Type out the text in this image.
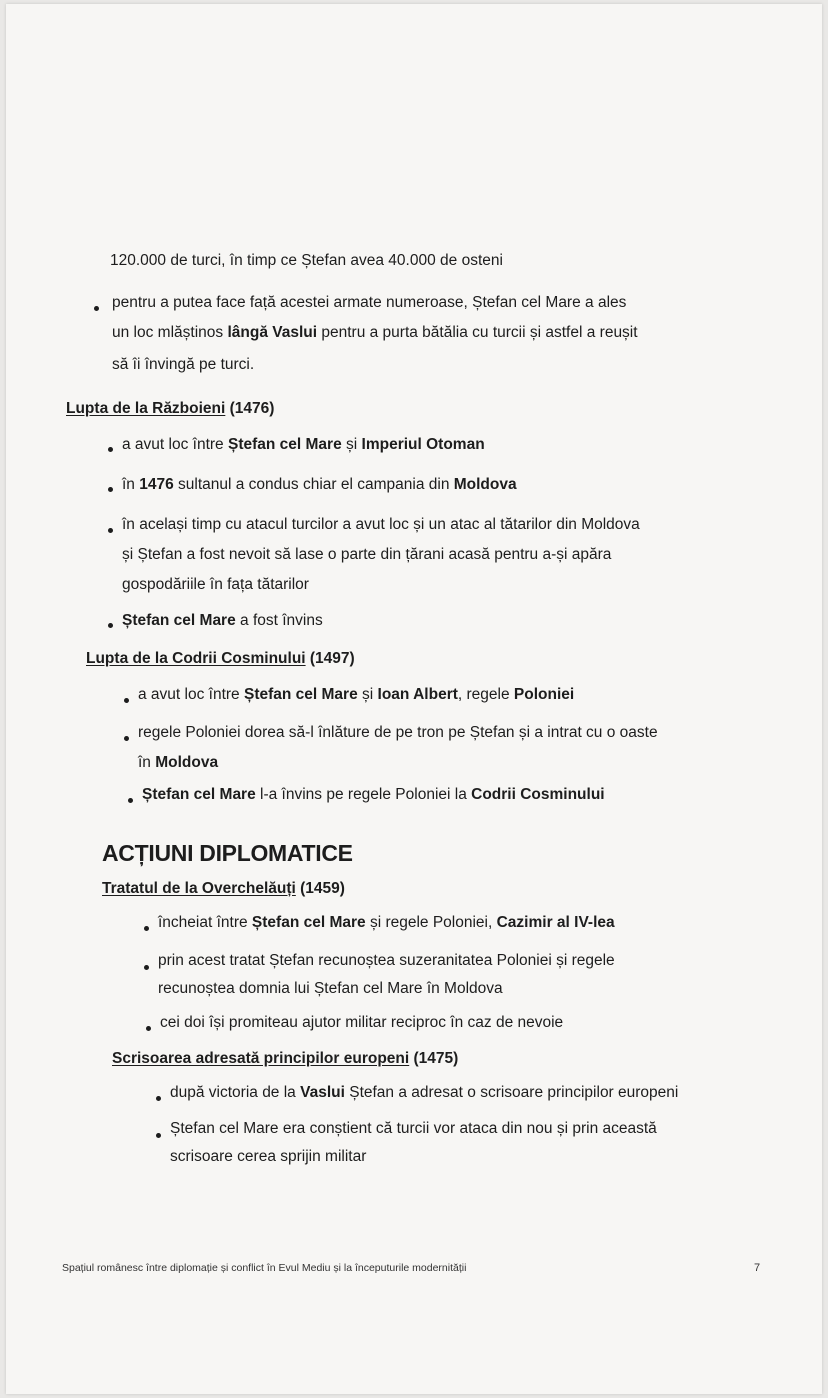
120.000 de turci, în timp ce Ștefan avea 40.000 de osteni
pentru a putea face față acestei armate numeroase, Ștefan cel Mare a ales
un loc mlăștinos lângă Vaslui pentru a purta bătălia cu turcii și astfel a reușit
să îi învingă pe turci.
Lupta de la Războieni (1476)
a avut loc între Ștefan cel Mare și Imperiul Otoman
în 1476 sultanul a condus chiar el campania din Moldova
în același timp cu atacul turcilor a avut loc și un atac al tătarilor din Moldova
și Ștefan a fost nevoit să lase o parte din țărani acasă pentru a-și apăra
gospodăriile în fața tătarilor
Ștefan cel Mare a fost învins
Lupta de la Codrii Cosminului (1497)
a avut loc între Ștefan cel Mare și Ioan Albert, regele Poloniei
regele Poloniei dorea să-l înlăture de pe tron pe Ștefan și a intrat cu o oaste
în Moldova
Ștefan cel Mare l-a învins pe regele Poloniei la Codrii Cosminului
ACȚIUNI DIPLOMATICE
Tratatul de la Overchelăuți (1459)
încheiat între Ștefan cel Mare și regele Poloniei, Cazimir al IV-lea
prin acest tratat Ștefan recunoștea suzeranitatea Poloniei și regele
recunoștea domnia lui Ștefan cel Mare în Moldova
cei doi își promiteau ajutor militar reciproc în caz de nevoie
Scrisoarea adresată principilor europeni (1475)
după victoria de la Vaslui Ștefan a adresat o scrisoare principilor europeni
Ștefan cel Mare era conștient că turcii vor ataca din nou și prin această
scrisoare cerea sprijin militar
Spațiul românesc între diplomație și conflict în Evul Mediu și la începuturile modernității	7
